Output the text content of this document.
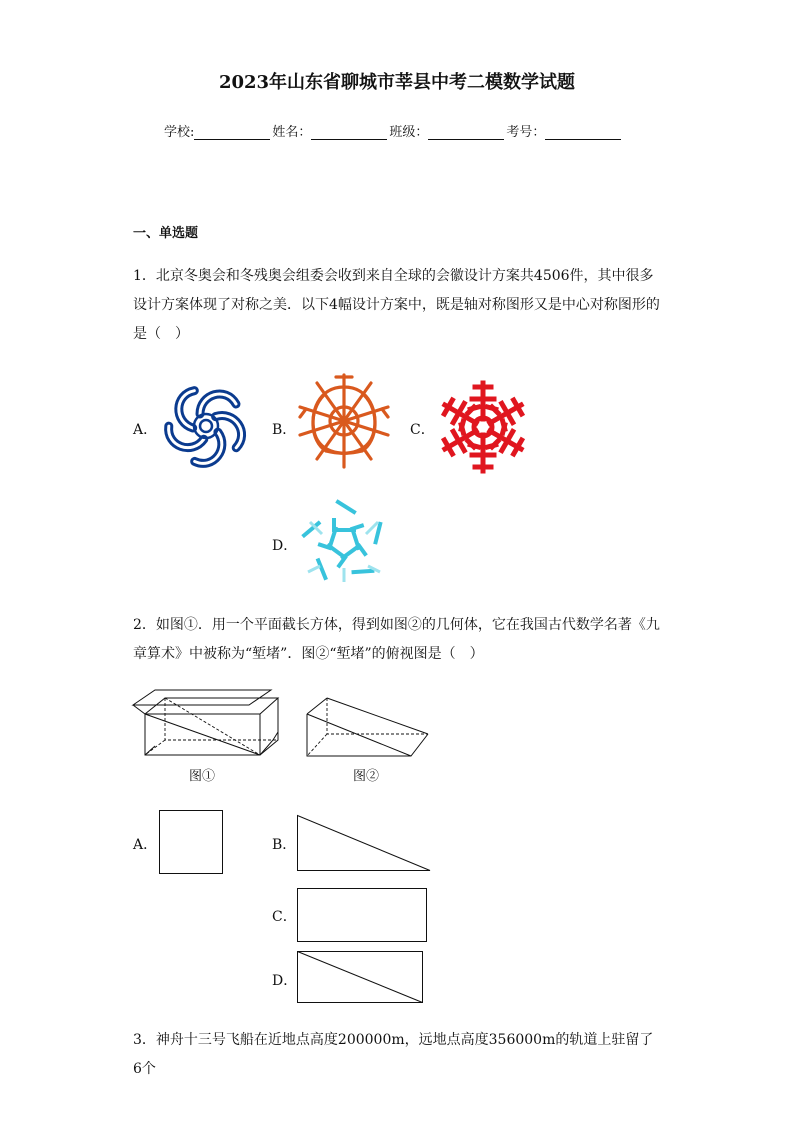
2023年山东省聊城市莘县中考二模数学试题
学校:	姓名：	班级：	考号：
一、单选题
1．北京冬奥会和冬残奥会组委会收到来自全球的会徽设计方案共4506件，其中很多设计方案体现了对称之美．以下4幅设计方案中，既是轴对称图形又是中心对称图形的是（　）
A．	B．	C．
D．
2．如图①．用一个平面截长方体，得到如图②的几何体，它在我国古代数学名著《九章算术》中被称为“堑堵”．图②“堑堵”的俯视图是（　）
图①	图②
A．	B．
C．
D．
3．神舟十三号飞船在近地点高度200000m，远地点高度356000m的轨道上驻留了6个
